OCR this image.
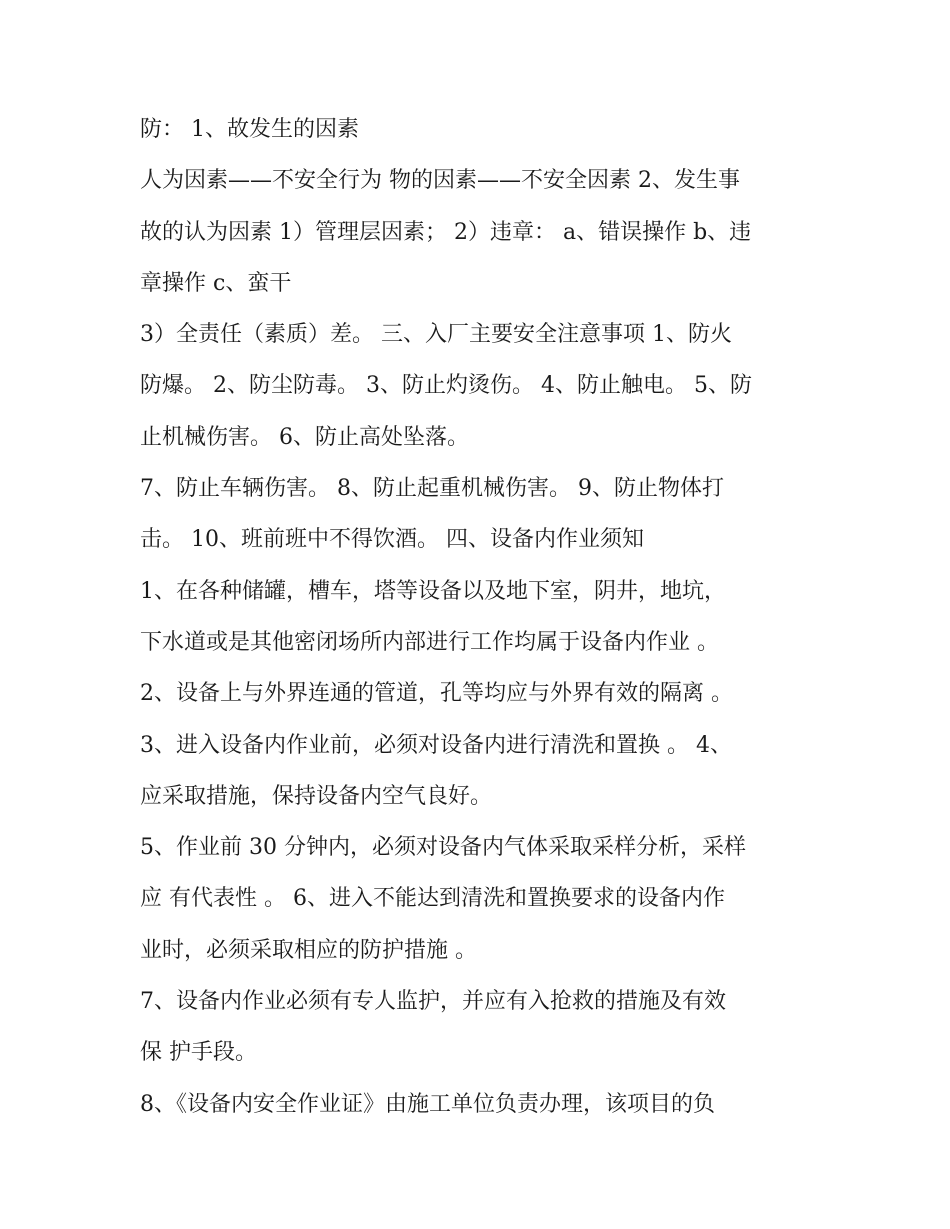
防： 1、故发生的因素
人为因素——不安全行为 物的因素——不安全因素 2、发生事
故的认为因素 1）管理层因素； 2）违章： a、错误操作 b、违
章操作 c、蛮干
3）全责任（素质）差。 三、入厂主要安全注意事项 1、防火
防爆。 2、防尘防毒。 3、防止灼烫伤。 4、防止触电。 5、防
止机械伤害。 6、防止高处坠落。
7、防止车辆伤害。 8、防止起重机械伤害。 9、防止物体打
击。 10、班前班中不得饮酒。 四、设备内作业须知
1、在各种储罐，槽车，塔等设备以及地下室，阴井，地坑，
下水道或是其他密闭场所内部进行工作均属于设备内作业 。
2、设备上与外界连通的管道，孔等均应与外界有效的隔离 。
3、进入设备内作业前，必须对设备内进行清洗和置换 。 4、
应采取措施，保持设备内空气良好。
5、作业前 30 分钟内，必须对设备内气体采取采样分析，采样
应 有代表性 。 6、进入不能达到清洗和置换要求的设备内作
业时，必须采取相应的防护措施 。
7、设备内作业必须有专人监护，并应有入抢救的措施及有效
保 护手段。
8、《设备内安全作业证》由施工单位负责办理，该项目的负
